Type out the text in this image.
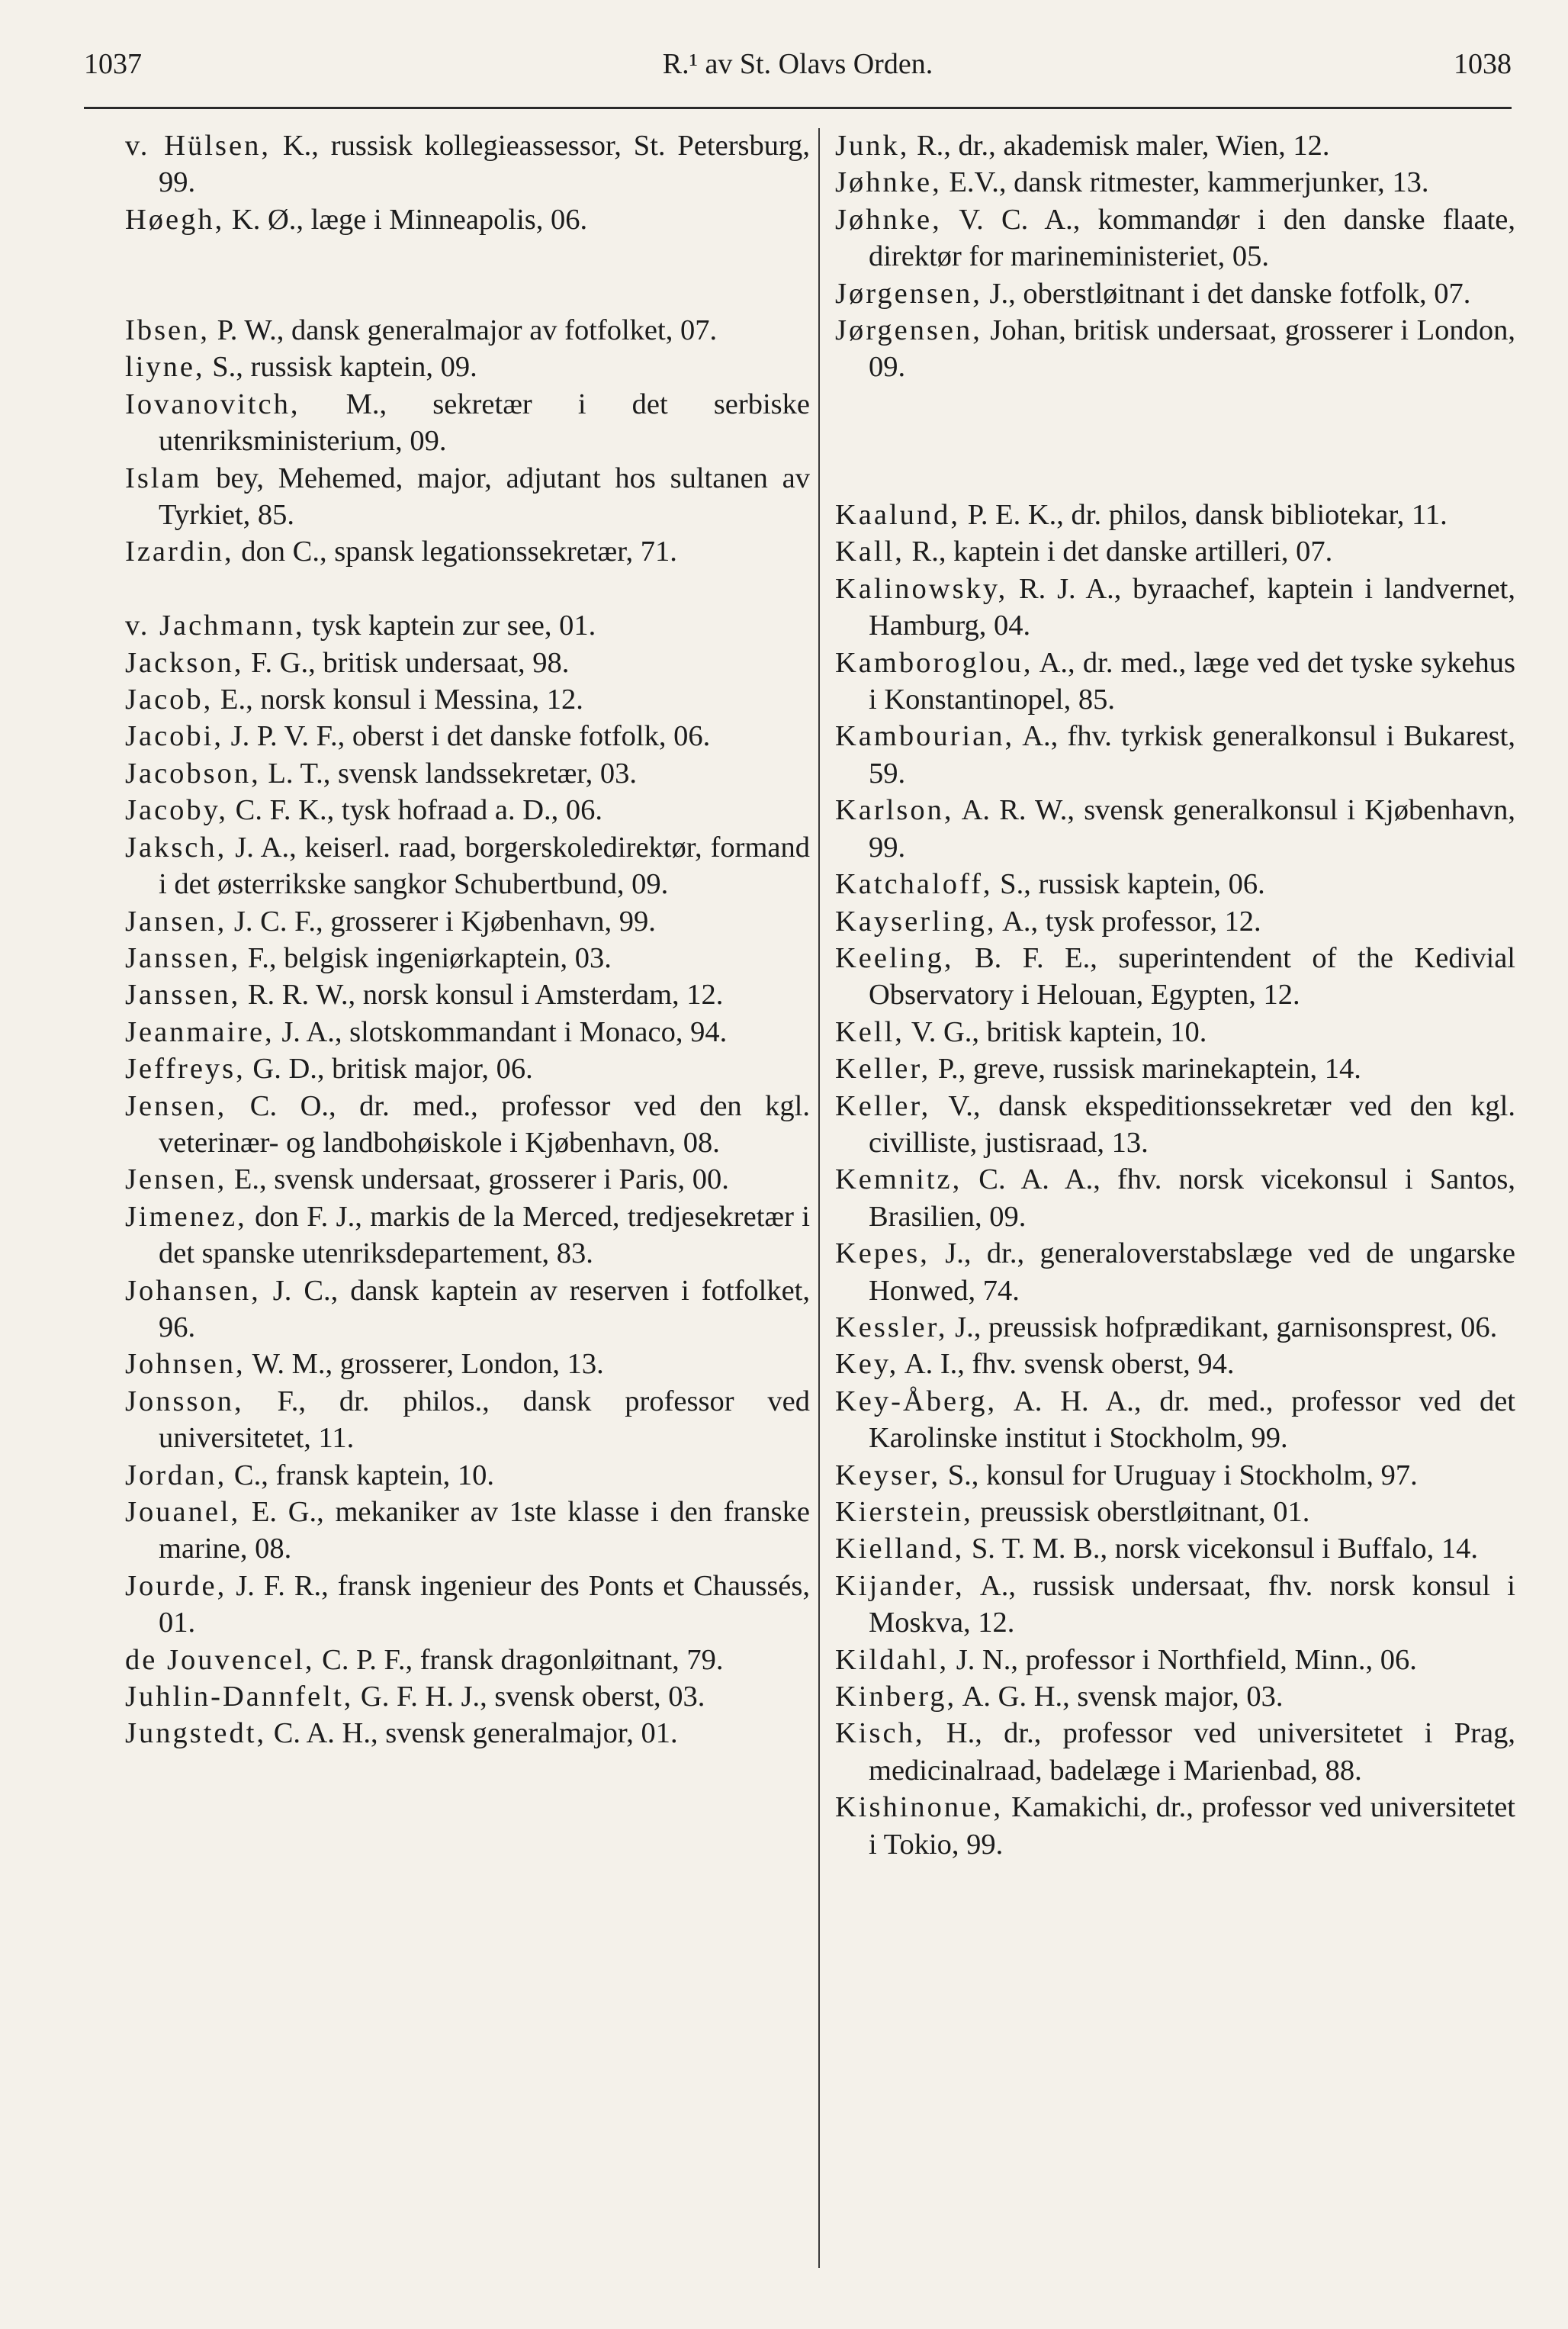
1037	R.¹ av St. Olavs Orden.	1038

v. Hülsen, K., russisk kollegieassessor, St. Petersburg, 99.

Høegh, K. Ø., læge i Minneapolis, 06.

Ibsen, P. W., dansk generalmajor av fotfolket, 07.

liyne, S., russisk kaptein, 09.

Iovanovitch, M., sekretær i det serbiske utenriksministerium, 09.

Islam bey, Mehemed, major, adjutant hos sultanen av Tyrkiet, 85.

Izardin, don C., spansk legationssekretær, 71.

v. Jachmann, tysk kaptein zur see, 01.

Jackson, F. G., britisk undersaat, 98.

Jacob, E., norsk konsul i Messina, 12.

Jacobi, J. P. V. F., oberst i det danske fotfolk, 06.

Jacobson, L. T., svensk landssekretær, 03.

Jacoby, C. F. K., tysk hofraad a. D., 06.

Jaksch, J. A., keiserl. raad, borgerskoledirektør, formand i det østerrikske sangkor Schubertbund, 09.

Jansen, J. C. F., grosserer i Kjøbenhavn, 99.

Janssen, F., belgisk ingeniørkaptein, 03.

Janssen, R. R. W., norsk konsul i Amsterdam, 12.

Jeanmaire, J. A., slotskommandant i Monaco, 94.

Jeffreys, G. D., britisk major, 06.

Jensen, C. O., dr. med., professor ved den kgl. veterinær- og landbohøiskole i Kjøbenhavn, 08.

Jensen, E., svensk undersaat, grosserer i Paris, 00.

Jimenez, don F. J., markis de la Merced, tredjesekretær i det spanske utenriksdepartement, 83.

Johansen, J. C., dansk kaptein av reserven i fotfolket, 96.

Johnsen, W. M., grosserer, London, 13.

Jonsson, F., dr. philos., dansk professor ved universitetet, 11.

Jordan, C., fransk kaptein, 10.

Jouanel, E. G., mekaniker av 1ste klasse i den franske marine, 08.

Jourde, J. F. R., fransk ingenieur des Ponts et Chaussés, 01.

de Jouvencel, C. P. F., fransk dragonløitnant, 79.

Juhlin-Dannfelt, G. F. H. J., svensk oberst, 03.

Jungstedt, C. A. H., svensk generalmajor, 01.

Junk, R., dr., akademisk maler, Wien, 12.

Jøhnke, E.V., dansk ritmester, kammerjunker, 13.

Jøhnke, V. C. A., kommandør i den danske flaate, direktør for marineministeriet, 05.

Jørgensen, J., oberstløitnant i det danske fotfolk, 07.

Jørgensen, Johan, britisk undersaat, grosserer i London, 09.

Kaalund, P. E. K., dr. philos, dansk bibliotekar, 11.

Kall, R., kaptein i det danske artilleri, 07.

Kalinowsky, R. J. A., byraachef, kaptein i landvernet, Hamburg, 04.

Kamboroglou, A., dr. med., læge ved det tyske sykehus i Konstantinopel, 85.

Kambourian, A., fhv. tyrkisk generalkonsul i Bukarest, 59.

Karlson, A. R. W., svensk generalkonsul i Kjøbenhavn, 99.

Katchaloff, S., russisk kaptein, 06.

Kayserling, A., tysk professor, 12.

Keeling, B. F. E., superintendent of the Kedivial Observatory i Helouan, Egypten, 12.

Kell, V. G., britisk kaptein, 10.

Keller, P., greve, russisk marinekaptein, 14.

Keller, V., dansk ekspeditionssekretær ved den kgl. civilliste, justisraad, 13.

Kemnitz, C. A. A., fhv. norsk vicekonsul i Santos, Brasilien, 09.

Kepes, J., dr., generaloverstabslæge ved de ungarske Honwed, 74.

Kessler, J., preussisk hofprædikant, garnisonsprest, 06.

Key, A. I., fhv. svensk oberst, 94.

Key-Åberg, A. H. A., dr. med., professor ved det Karolinske institut i Stockholm, 99.

Keyser, S., konsul for Uruguay i Stockholm, 97.

Kierstein, preussisk oberstløitnant, 01.

Kielland, S. T. M. B., norsk vicekonsul i Buffalo, 14.

Kijander, A., russisk undersaat, fhv. norsk konsul i Moskva, 12.

Kildahl, J. N., professor i Northfield, Minn., 06.

Kinberg, A. G. H., svensk major, 03.

Kisch, H., dr., professor ved universitetet i Prag, medicinalraad, badelæge i Marienbad, 88.

Kishinonue, Kamakichi, dr., professor ved universitetet i Tokio, 99.
